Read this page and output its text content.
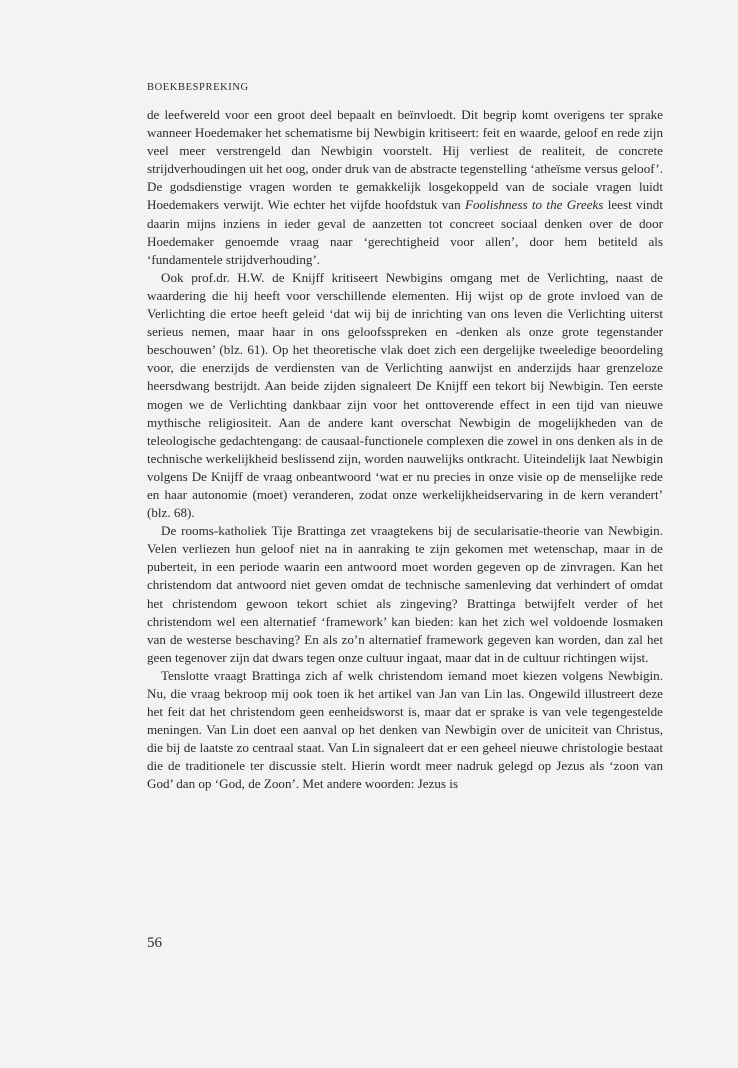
BOEKBESPREKING

de leefwereld voor een groot deel bepaalt en beïnvloedt. Dit begrip komt overigens ter sprake wanneer Hoedemaker het schematisme bij Newbigin kritiseert: feit en waarde, geloof en rede zijn veel meer verstrengeld dan Newbigin voorstelt. Hij verliest de realiteit, de concrete strijdverhoudingen uit het oog, onder druk van de abstracte tegenstelling ‘atheïsme versus geloof’. De godsdienstige vragen worden te gemakkelijk losgekoppeld van de sociale vragen luidt Hoedemakers verwijt. Wie echter het vijfde hoofdstuk van Foolishness to the Greeks leest vindt daarin mijns inziens in ieder geval de aanzetten tot concreet sociaal denken over de door Hoedemaker genoemde vraag naar ‘gerechtigheid voor allen’, door hem betiteld als ‘fundamentele strijdverhouding’.

Ook prof.dr. H.W. de Knijff kritiseert Newbigins omgang met de Verlichting, naast de waardering die hij heeft voor verschillende elementen. Hij wijst op de grote invloed van de Verlichting die ertoe heeft geleid ‘dat wij bij de inrichting van ons leven die Verlichting uiterst serieus nemen, maar haar in ons geloofsspreken en -denken als onze grote tegenstander beschouwen’ (blz. 61). Op het theoretische vlak doet zich een dergelijke tweeledige beoordeling voor, die enerzijds de verdiensten van de Verlichting aanwijst en anderzijds haar grenzeloze heersdwang bestrijdt. Aan beide zijden signaleert De Knijff een tekort bij Newbigin. Ten eerste mogen we de Verlichting dankbaar zijn voor het onttoverende effect in een tijd van nieuwe mythische religiositeit. Aan de andere kant overschat Newbigin de mogelijkheden van de teleologische gedachtengang: de causaal-functionele complexen die zowel in ons denken als in de technische werkelijkheid beslissend zijn, worden nauwelijks ontkracht. Uiteindelijk laat Newbigin volgens De Knijff de vraag onbeantwoord ‘wat er nu precies in onze visie op de menselijke rede en haar autonomie (moet) veranderen, zodat onze werkelijkheidservaring in de kern verandert’ (blz. 68).

De rooms-katholiek Tije Brattinga zet vraagtekens bij de secularisatie-theorie van Newbigin. Velen verliezen hun geloof niet na in aanraking te zijn gekomen met wetenschap, maar in de puberteit, in een periode waarin een antwoord moet worden gegeven op de zinvragen. Kan het christendom dat antwoord niet geven omdat de technische samenleving dat verhindert of omdat het christendom gewoon tekort schiet als zingeving? Brattinga betwijfelt verder of het christendom wel een alternatief ‘framework’ kan bieden: kan het zich wel voldoende losmaken van de westerse beschaving? En als zo’n alternatief framework gegeven kan worden, dan zal het geen tegenover zijn dat dwars tegen onze cultuur ingaat, maar dat in de cultuur richtingen wijst.

Tenslotte vraagt Brattinga zich af welk christendom iemand moet kiezen volgens Newbigin. Nu, die vraag bekroop mij ook toen ik het artikel van Jan van Lin las. Ongewild illustreert deze het feit dat het christendom geen eenheidsworst is, maar dat er sprake is van vele tegengestelde meningen. Van Lin doet een aanval op het denken van Newbigin over de uniciteit van Christus, die bij de laatste zo centraal staat. Van Lin signaleert dat er een geheel nieuwe christologie bestaat die de traditionele ter discussie stelt. Hierin wordt meer nadruk gelegd op Jezus als ‘zoon van God’ dan op ‘God, de Zoon’. Met andere woorden: Jezus is

56
